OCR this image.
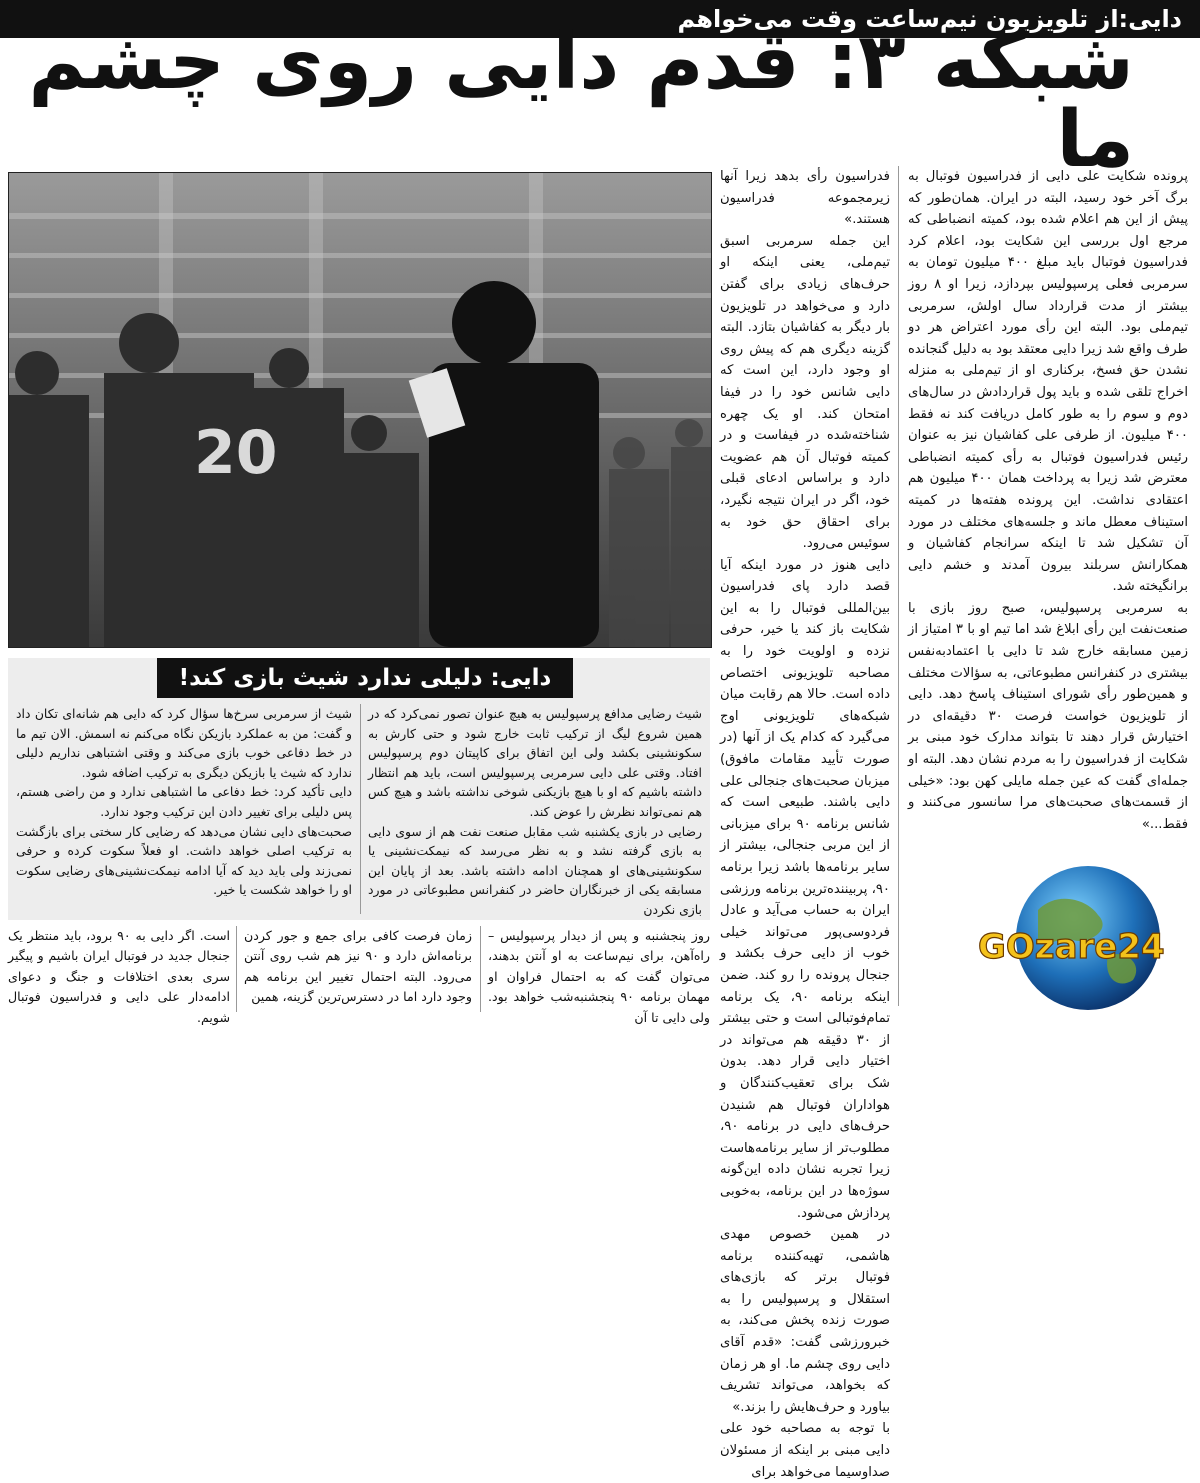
دایی:از تلویزیون نیم‌ساعت وقت می‌خواهم
شبکه ۳: قدم دایی روی چشم ما
20

پرونده شکایت علی دایی از فدراسیون فوتبال به برگ آخر خود رسید، البته در ایران. همان‌طور که پیش از این هم اعلام شده بود، کمیته انضباطی که مرجع اول بررسی این شکایت بود، اعلام کرد فدراسیون فوتبال باید مبلغ ۴۰۰ میلیون تومان به سرمربی فعلی پرسپولیس بپردازد، زیرا او ۸ روز بیشتر از مدت قرارداد سال اولش، سرمربی تیم‌ملی بود. البته این رأی مورد اعتراض هر دو طرف واقع شد زیرا دایی معتقد بود به دلیل گنجانده نشدن حق فسخ، برکناری او از تیم‌ملی به منزله اخراج تلقی شده و باید پول قراردادش در سال‌های دوم و سوم را به طور کامل دریافت کند نه فقط ۴۰۰ میلیون. از طرفی علی کفاشیان نیز به عنوان رئیس فدراسیون فوتبال به رأی کمیته انضباطی معترض شد زیرا به پرداخت همان ۴۰۰ میلیون هم اعتقادی نداشت. این پرونده هفته‌ها در کمیته استیناف معطل ماند و جلسه‌های مختلف در مورد آن تشکیل شد تا اینکه سرانجام کفاشیان و همکارانش سربلند بیرون آمدند و خشم دایی برانگیخته شد.

به سرمربی پرسپولیس، صبح روز بازی با صنعت‌نفت این رأی ابلاغ شد اما تیم او با ۳ امتیاز از زمین مسابقه خارج شد تا دایی با اعتمادبه‌نفس بیشتری در کنفرانس مطبوعاتی، به سؤالات مختلف و همین‌طور رأی شورای استیناف پاسخ دهد. دایی از تلویزیون خواست فرصت ۳۰ دقیقه‌ای در اختیارش قرار دهند تا بتواند مدارک خود مبنی بر شکایت از فدراسیون را به مردم نشان دهد. البته او جمله‌ای گفت که عین جمله مایلی کهن بود: «خیلی از قسمت‌های صحبت‌های مرا سانسور می‌کنند و فقط...»

فدراسیون رأی بدهد زیرا آنها زیرمجموعه فدراسیون هستند.»

این جمله سرمربی اسبق تیم‌ملی، یعنی اینکه او حرف‌های زیادی برای گفتن دارد و می‌خواهد در تلویزیون بار دیگر به کفاشیان بتازد. البته گزینه دیگری هم که پیش روی او وجود دارد، این است که دایی شانس خود را در فیفا امتحان کند. او یک چهره شناخته‌شده در فیفاست و در کمیته فوتبال آن هم عضویت دارد و براساس ادعای قبلی خود، اگر در ایران نتیجه نگیرد، برای احقاق حق خود به سوئیس می‌رود.

دایی هنوز در مورد اینکه آیا قصد دارد پای فدراسیون بین‌المللی فوتبال را به این شکایت باز کند یا خیر، حرفی نزده و اولویت خود را به مصاحبه تلویزیونی اختصاص داده است. حالا هم رقابت میان شبکه‌های تلویزیونی اوج می‌گیرد که کدام یک از آنها (در صورت تأیید مقامات مافوق) میزبان صحبت‌های جنجالی علی دایی باشند. طبیعی است که شانس برنامه ۹۰ برای میزبانی از این مربی جنجالی، بیشتر از سایر برنامه‌ها باشد زیرا برنامه ۹۰، پربیننده‌ترین برنامه ورزشی ایران به حساب می‌آید و عادل فردوسی‌پور می‌تواند خیلی خوب از دایی حرف بکشد و جنجال پرونده را رو کند. ضمن اینکه برنامه ۹۰، یک برنامه تمام‌فوتبالی است و حتی بیشتر از ۳۰ دقیقه هم می‌تواند در اختیار دایی قرار دهد. بدون شک برای تعقیب‌کنندگان و هواداران فوتبال هم شنیدن حرف‌های دایی در برنامه ۹۰، مطلوب‌تر از سایر برنامه‌هاست زیرا تجربه نشان داده این‌گونه سوژه‌ها در این برنامه، به‌خوبی پردازش می‌شود.

در همین خصوص مهدی هاشمی، تهیه‌کننده برنامه فوتبال برتر که بازی‌های استقلال و پرسپولیس را به صورت زنده پخش می‌کند، به خبرورزشی گفت: «قدم آقای دایی روی چشم ما. او هر زمان که بخواهد، می‌تواند تشریف بیاورد و حرف‌هایش را بزند.»

با توجه به مصاحبه خود علی دایی مبنی بر اینکه از مسئولان صداوسیما می‌خواهد برای

دایی: دلیلی ندارد شیث بازی کند!

شیث رضایی مدافع پرسپولیس به هیچ عنوان تصور نمی‌کرد که در همین شروع لیگ از ترکیب ثابت خارج شود و حتی کارش به سکونشینی بکشد ولی این اتفاق برای کاپیتان دوم پرسپولیس افتاد. وقتی علی دایی سرمربی پرسپولیس است، باید هم انتظار داشته باشیم که او با هیچ بازیکنی شوخی نداشته باشد و هیچ کس هم نمی‌تواند نظرش را عوض کند.

رضایی در بازی یکشنبه شب مقابل صنعت نفت هم از سوی دایی به بازی گرفته نشد و به نظر می‌رسد که نیمکت‌نشینی یا سکونشینی‌های او همچنان ادامه داشته باشد. بعد از پایان این مسابقه یکی از خبرنگاران حاضر در کنفرانس مطبوعاتی در مورد بازی نکردن

شیث از سرمربی سرخ‌ها سؤال کرد که دایی هم شانه‌ای تکان داد و گفت: من به عملکرد بازیکن نگاه می‌کنم نه اسمش. الان تیم ما در خط دفاعی خوب بازی می‌کند و وقتی اشتباهی نداریم دلیلی ندارد که شیث یا بازیکن دیگری به ترکیب اضافه شود.

دایی تأکید کرد: خط دفاعی ما اشتباهی ندارد و من راضی هستم، پس دلیلی برای تغییر دادن این ترکیب وجود ندارد.

صحبت‌های دایی نشان می‌دهد که رضایی کار سختی برای بازگشت به ترکیب اصلی خواهد داشت. او فعلاً سکوت کرده و حرفی نمی‌زند ولی باید دید که آیا ادامه نیمکت‌نشینی‌های رضایی سکوت او را خواهد شکست یا خیر.

روز پنجشنبه و پس از دیدار پرسپولیس – راه‌آهن، برای نیم‌ساعت به او آنتن بدهند، می‌توان گفت که به احتمال فراوان او مهمان برنامه ۹۰ پنجشنبه‌شب خواهد بود. ولی دایی تا آن

زمان فرصت کافی برای جمع و جور کردن برنامه‌اش دارد و ۹۰ نیز هم شب روی آنتن می‌رود. البته احتمال تغییر این برنامه هم وجود دارد اما در دسترس‌ترین گزینه، همین

است. اگر دایی به ۹۰ برود، باید منتظر یک جنجال جدید در فوتبال ایران باشیم و پیگیر سری بعدی اختلافات و جنگ و دعوای ادامه‌دار علی دایی و فدراسیون فوتبال شویم.

GOzare24
